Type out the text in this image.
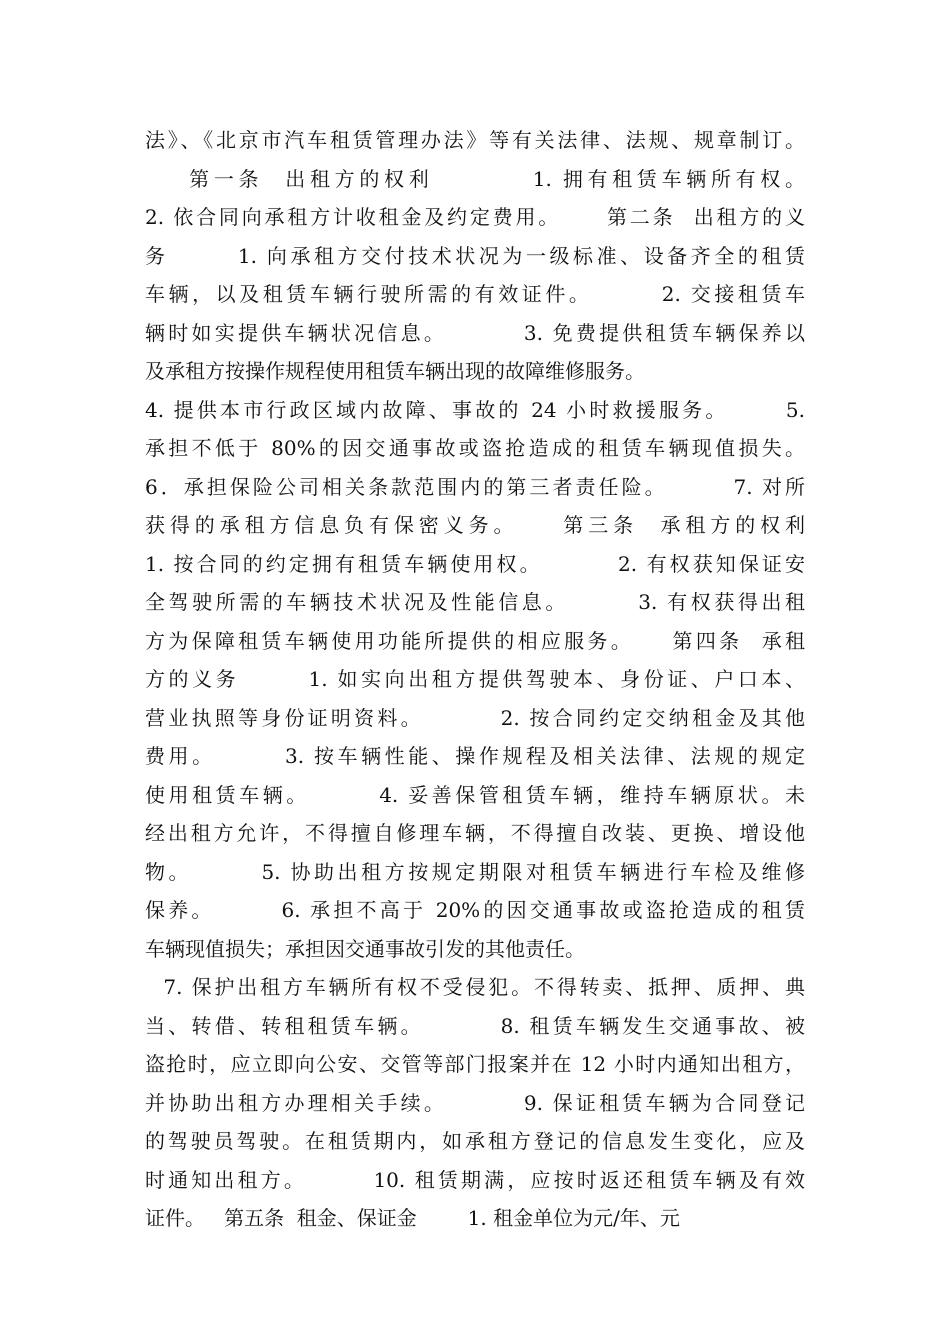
法》、《北京市汽车租赁管理办法》等有关法律、法规、规章制订。
第一条  出租方的权利         1. 拥有租赁车辆所有权。
2. 依合同向承租方计收租金及约定费用。     第二条  出租方的义
务       1. 向承租方交付技术状况为一级标准、设备齐全的租赁
车辆，以及租赁车辆行驶所需的有效证件。       2. 交接租赁车
辆时如实提供车辆状况信息。        3. 免费提供租赁车辆保养以
及承租方按操作规程使用租赁车辆出现的故障维修服务。
4. 提供本市行政区域内故障、事故的 24 小时救援服务。      5.
承担不低于 80%的因交通事故或盗抢造成的租赁车辆现值损失。
6．承担保险公司相关条款范围内的第三者责任险。       7. 对所
获得的承租方信息负有保密义务。    第三条  承租方的权利
1. 按合同的约定拥有租赁车辆使用权。        2. 有权获知保证安
全驾驶所需的车辆技术状况及性能信息。       3. 有权获得出租
方为保障租赁车辆使用功能所提供的相应服务。    第四条  承租
方的义务       1. 如实向出租方提供驾驶本、身份证、户口本、
营业执照等身份证明资料。        2. 按合同约定交纳租金及其他
费用。       3. 按车辆性能、操作规程及相关法律、法规的规定
使用租赁车辆。       4. 妥善保管租赁车辆，维持车辆原状。未
经出租方允许，不得擅自修理车辆，不得擅自改装、更换、增设他
物。       5. 协助出租方按规定期限对租赁车辆进行车检及维修
保养。       6. 承担不高于 20%的因交通事故或盗抢造成的租赁
车辆现值损失；承担因交通事故引发的其他责任。
7. 保护出租方车辆所有权不受侵犯。不得转卖、抵押、质押、典
当、转借、转租租赁车辆。        8. 租赁车辆发生交通事故、被
盗抢时，应立即向公安、交管等部门报案并在 12 小时内通知出租方，
并协助出租方办理相关手续。        9. 保证租赁车辆为合同登记
的驾驶员驾驶。在租赁期内，如承租方登记的信息发生变化，应及
时通知出租方。       10. 租赁期满，应按时返还租赁车辆及有效
证件。   第五条  租金、保证金        1. 租金单位为元/年、元
